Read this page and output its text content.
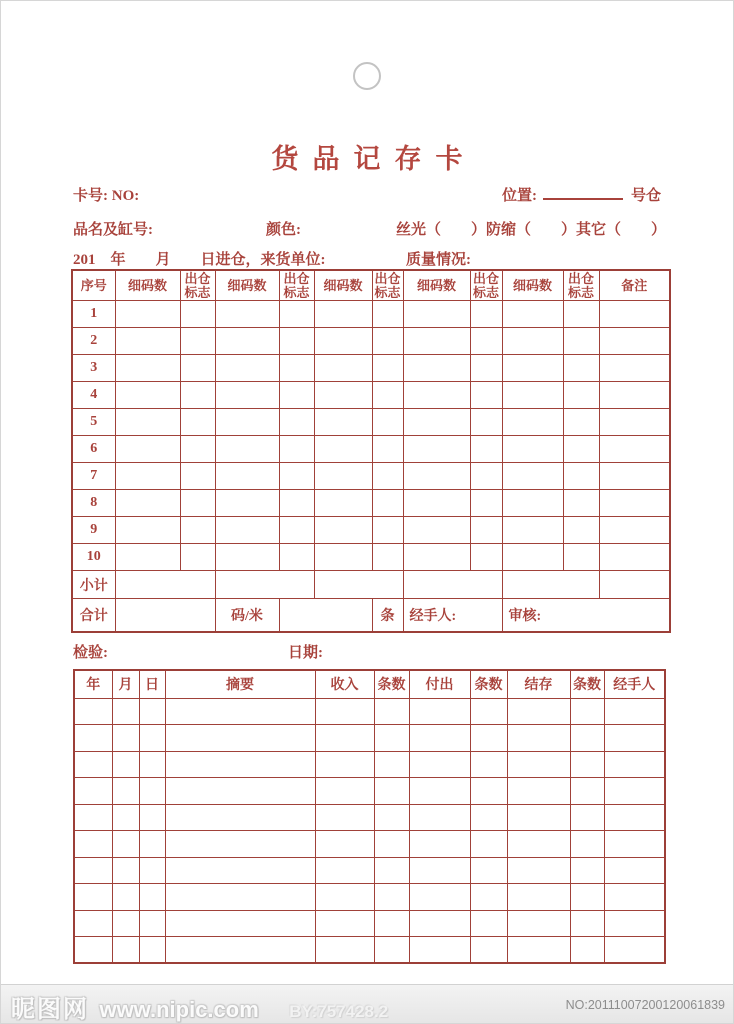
货品记存卡
卡号: NO:	位置:	号仓
品名及缸号:	颜色:	丝光（　　）防缩（　　）其它（　　）
201　年　　月　　日进仓，来货单位:	质量情况:
序号	细码数	出仓标志	细码数	出仓标志	细码数	出仓标志	细码数	出仓标志	细码数	出仓标志	备注
1											
2											
3											
4											
5											
6											
7											
8											
9											
10											
小计											
合计			码/米			条	经手人:		审核:		
检验:	日期:
年	月	日	摘要	收入	条数	付出	条数	结存	条数	经手人

昵图网 www.nipic.com BY:757428.2	NO:20111007200120061839
